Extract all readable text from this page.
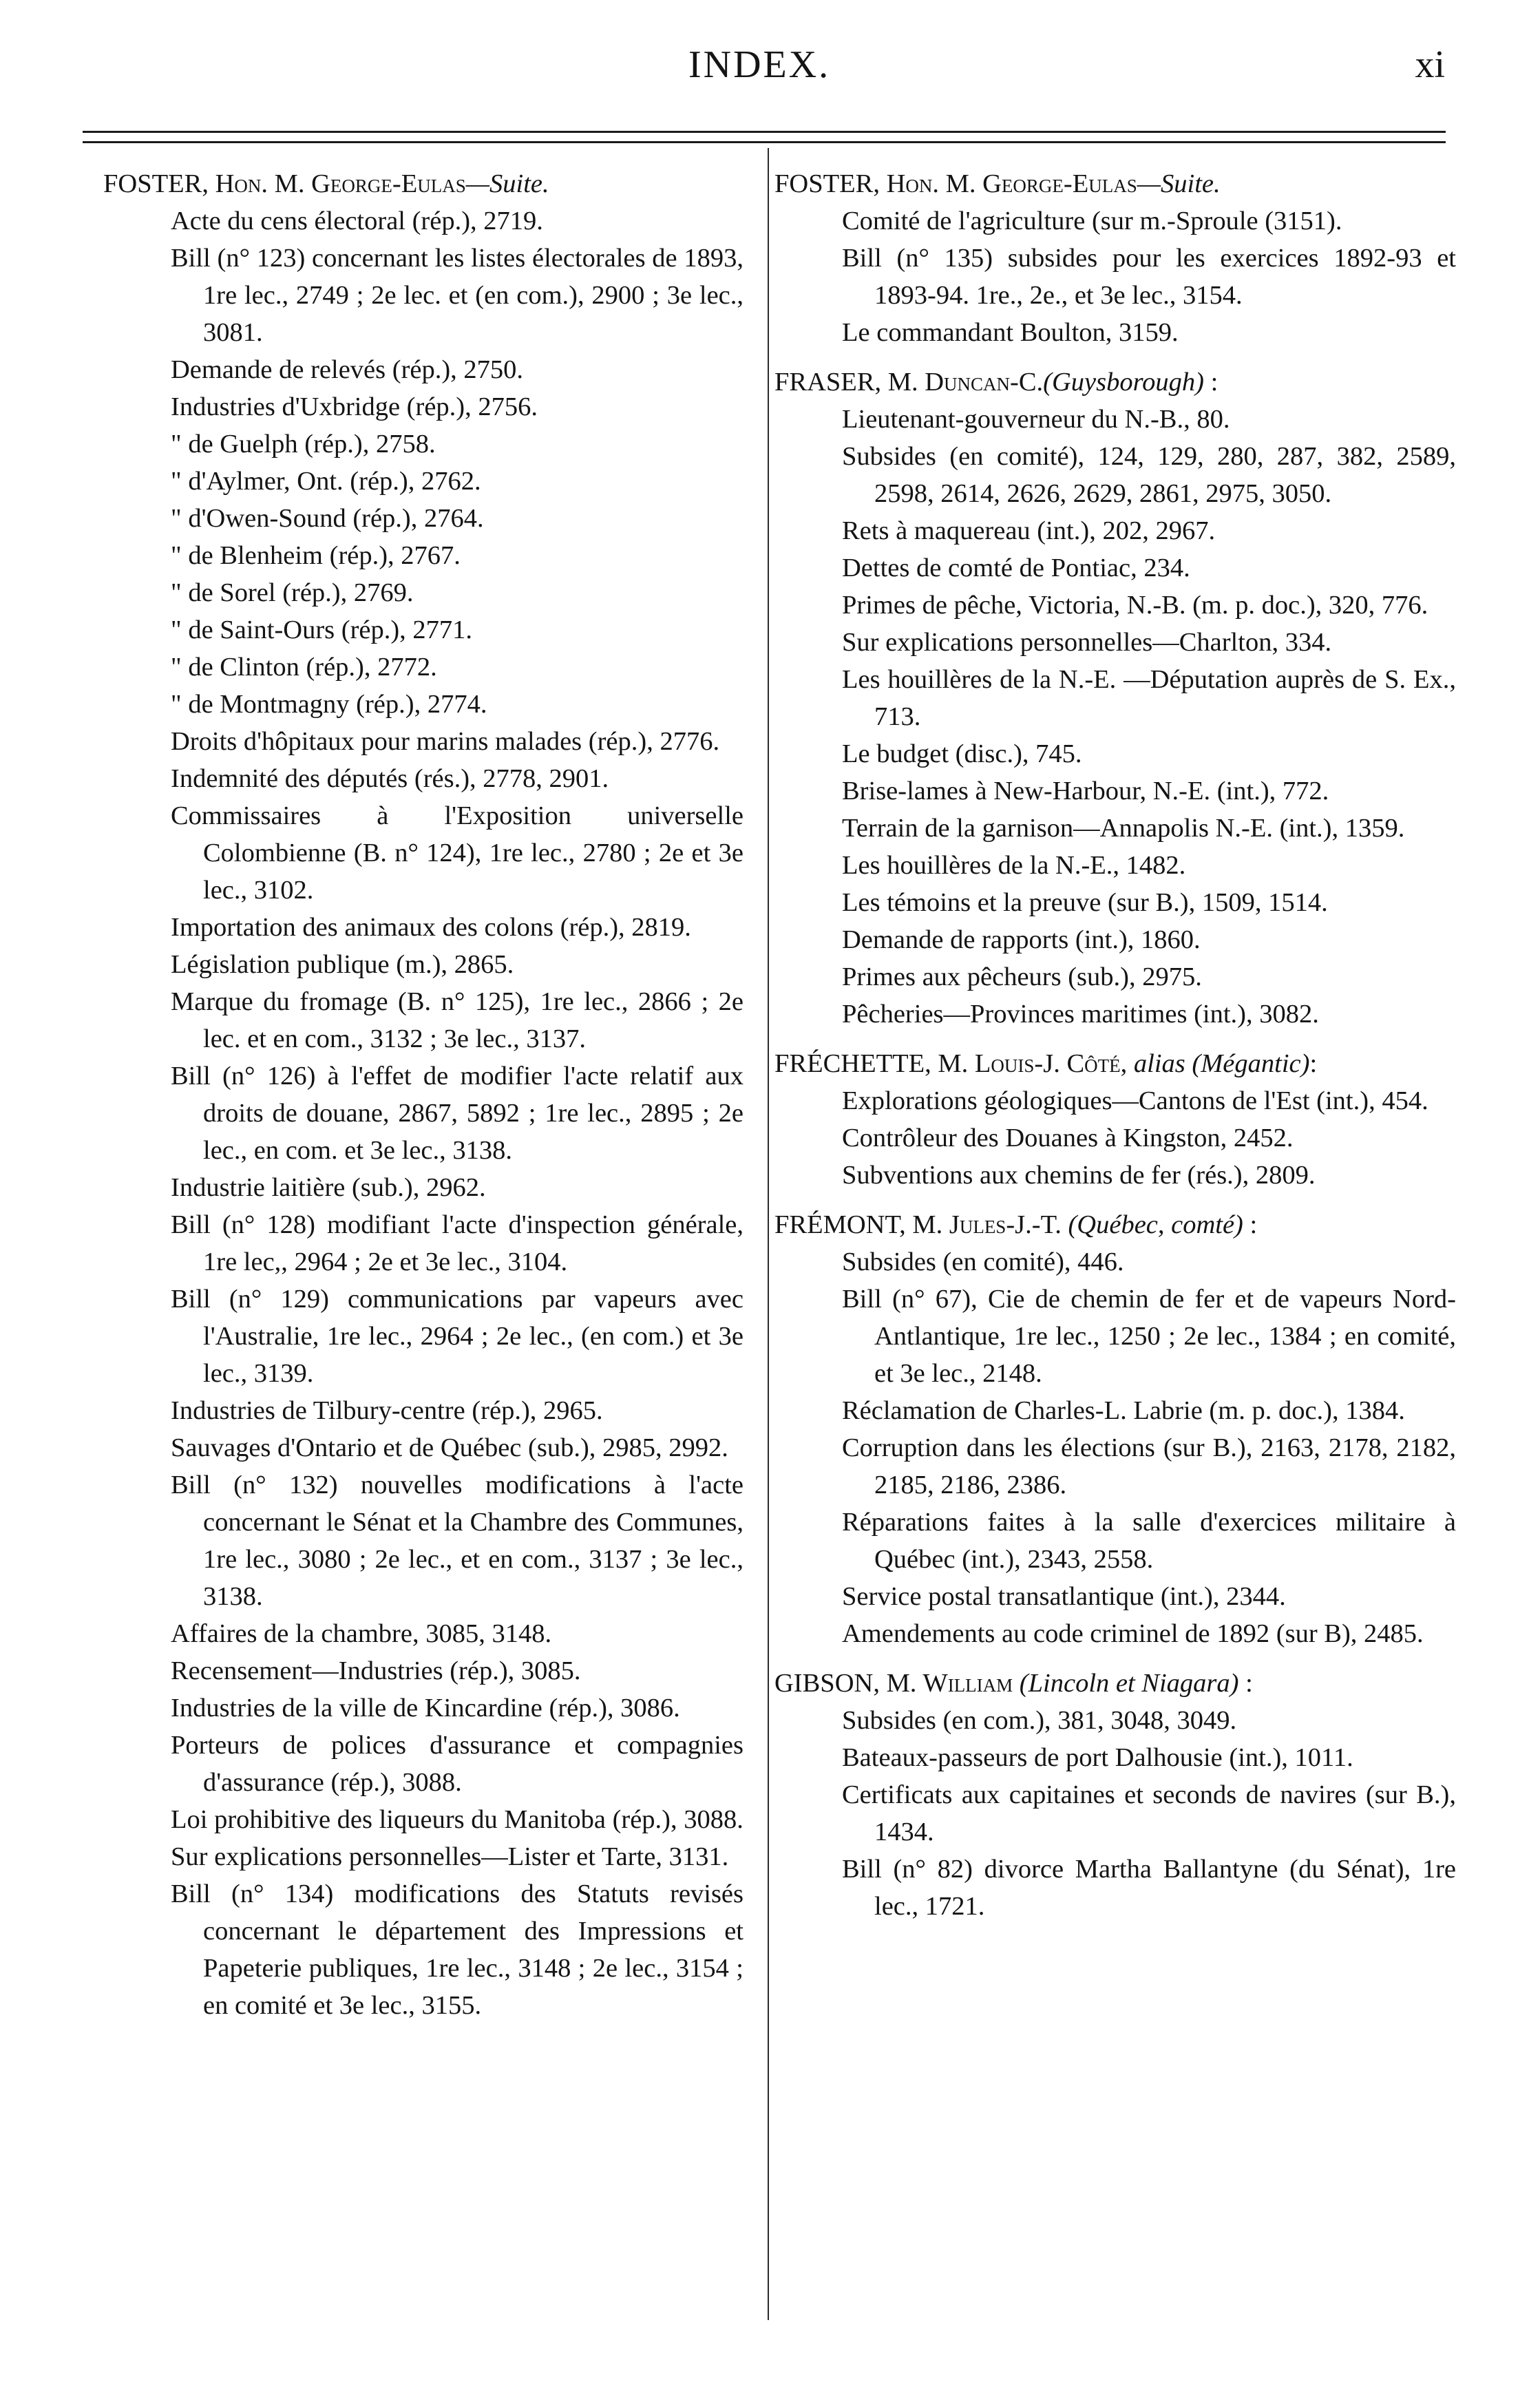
INDEX.	xi
FOSTER, Hon. M. George-Eulas—Suite.
Acte du cens électoral (rép.), 2719.
Bill (n° 123) concernant les listes électorales de 1893, 1re lec., 2749 ; 2e lec. et (en com.), 2900 ; 3e lec., 3081.
Demande de relevés (rép.), 2750.
Industries d'Uxbridge (rép.), 2756.
" de Guelph (rép.), 2758.
" d'Aylmer, Ont. (rép.), 2762.
" d'Owen-Sound (rép.), 2764.
" de Blenheim (rép.), 2767.
" de Sorel (rép.), 2769.
" de Saint-Ours (rép.), 2771.
" de Clinton (rép.), 2772.
" de Montmagny (rép.), 2774.
Droits d'hôpitaux pour marins malades (rép.), 2776.
Indemnité des députés (rés.), 2778, 2901.
Commissaires à l'Exposition universelle Colombienne (B. n° 124), 1re lec., 2780 ; 2e et 3e lec., 3102.
Importation des animaux des colons (rép.), 2819.
Législation publique (m.), 2865.
Marque du fromage (B. n° 125), 1re lec., 2866 ; 2e lec. et en com., 3132 ; 3e lec., 3137.
Bill (n° 126) à l'effet de modifier l'acte relatif aux droits de douane, 2867, 5892 ; 1re lec., 2895 ; 2e lec., en com. et 3e lec., 3138.
Industrie laitière (sub.), 2962.
Bill (n° 128) modifiant l'acte d'inspection générale, 1re lec,, 2964 ; 2e et 3e lec., 3104.
Bill (n° 129) communications par vapeurs avec l'Australie, 1re lec., 2964 ; 2e lec., (en com.) et 3e lec., 3139.
Industries de Tilbury-centre (rép.), 2965.
Sauvages d'Ontario et de Québec (sub.), 2985, 2992.
Bill (n° 132) nouvelles modifications à l'acte concernant le Sénat et la Chambre des Communes, 1re lec., 3080 ; 2e lec., et en com., 3137 ; 3e lec., 3138.
Affaires de la chambre, 3085, 3148.
Recensement—Industries (rép.), 3085.
Industries de la ville de Kincardine (rép.), 3086.
Porteurs de polices d'assurance et compagnies d'assurance (rép.), 3088.
Loi prohibitive des liqueurs du Manitoba (rép.), 3088.
Sur explications personnelles—Lister et Tarte, 3131.
Bill (n° 134) modifications des Statuts revisés concernant le département des Impressions et Papeterie publiques, 1re lec., 3148 ; 2e lec., 3154 ; en comité et 3e lec., 3155.
FOSTER, Hon. M. George-Eulas—Suite.
Comité de l'agriculture (sur m.-Sproule (3151).
Bill (n° 135) subsides pour les exercices 1892-93 et 1893-94. 1re., 2e., et 3e lec., 3154.
Le commandant Boulton, 3159.
FRASER, M. Duncan-C.(Guysborough) :
Lieutenant-gouverneur du N.-B., 80.
Subsides (en comité), 124, 129, 280, 287, 382, 2589, 2598, 2614, 2626, 2629, 2861, 2975, 3050.
Rets à maquereau (int.), 202, 2967.
Dettes de comté de Pontiac, 234.
Primes de pêche, Victoria, N.-B. (m. p. doc.), 320, 776.
Sur explications personnelles—Charlton, 334.
Les houillères de la N.-E. —Députation auprès de S. Ex., 713.
Le budget (disc.), 745.
Brise-lames à New-Harbour, N.-E. (int.), 772.
Terrain de la garnison—Annapolis N.-E. (int.), 1359.
Les houillères de la N.-E., 1482.
Les témoins et la preuve (sur B.), 1509, 1514.
Demande de rapports (int.), 1860.
Primes aux pêcheurs (sub.), 2975.
Pêcheries—Provinces maritimes (int.), 3082.
FRÉCHETTE, M. Louis-J. Côté, alias (Mégantic):
Explorations géologiques—Cantons de l'Est (int.), 454.
Contrôleur des Douanes à Kingston, 2452.
Subventions aux chemins de fer (rés.), 2809.
FRÉMONT, M. Jules-J.-T. (Québec, comté) :
Subsides (en comité), 446.
Bill (n° 67), Cie de chemin de fer et de vapeurs Nord-Antlantique, 1re lec., 1250 ; 2e lec., 1384 ; en comité, et 3e lec., 2148.
Réclamation de Charles-L. Labrie (m. p. doc.), 1384.
Corruption dans les élections (sur B.), 2163, 2178, 2182, 2185, 2186, 2386.
Réparations faites à la salle d'exercices militaire à Québec (int.), 2343, 2558.
Service postal transatlantique (int.), 2344.
Amendements au code criminel de 1892 (sur B), 2485.
GIBSON, M. William (Lincoln et Niagara) :
Subsides (en com.), 381, 3048, 3049.
Bateaux-passeurs de port Dalhousie (int.), 1011.
Certificats aux capitaines et seconds de navires (sur B.), 1434.
Bill (n° 82) divorce Martha Ballantyne (du Sénat), 1re lec., 1721.
